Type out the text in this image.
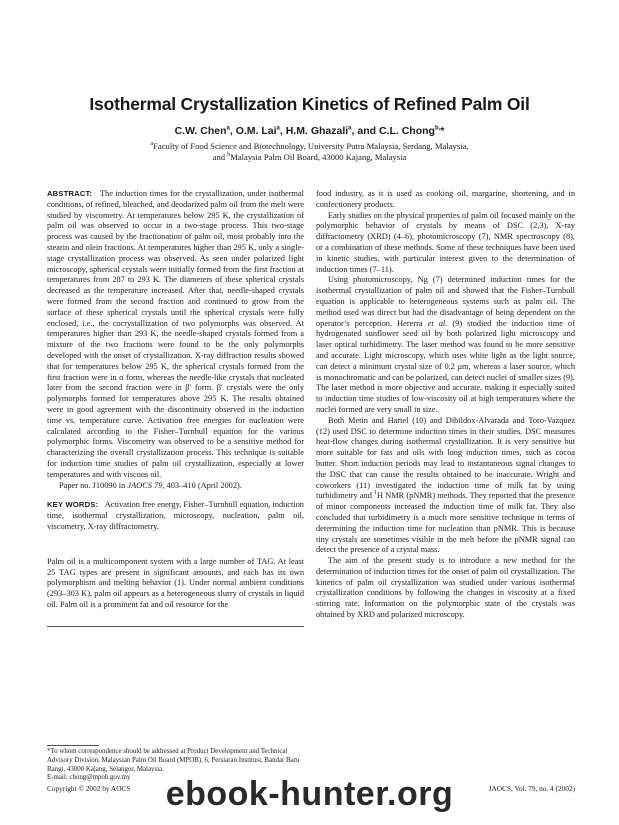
Isothermal Crystallization Kinetics of Refined Palm Oil
C.W. Chen$^a$, O.M. Lai$^a$, H.M. Ghazali$^a$, and C.L. Chong$^{b,}$*
$^a$Faculty of Food Science and Biotechnology, University Putra Malaysia, Serdang, Malaysia,
and $^b$Malaysia Palm Oil Board, 43000 Kajang, Malaysia

ABSTRACT: The induction times for the crystallization, under isothermal conditions, of refined, bleached, and deodorized palm oil from the melt were studied by viscometry. At temperatures below 295 K, the crystallization of palm oil was observed to occur in a two-stage process. This two-stage process was caused by the fractionation of palm oil, most probably into the stearin and olein fractions. At temperatures higher than 295 K, only a single-stage crystallization process was observed. As seen under polarized light microscopy, spherical crystals were initially formed from the first fraction at temperatures from 287 to 293 K. The diameters of these spherical crystals decreased as the temperature increased. After that, needle-shaped crystals were formed from the second fraction and continued to grow from the surface of these spherical crystals until the spherical crystals were fully enclosed, i.e., the cocrystallization of two polymorphs was observed. At temperatures higher than 293 K, the needle-shaped crystals formed from a mixture of the two fractions were found to be the only polymorphs developed with the onset of crystallization. X-ray diffraction results showed that for temperatures below 295 K, the spherical crystals formed from the first fraction were in α form, whereas the needle-like crystals that nucleated later from the second fraction were in β′ form. β′ crystals were the only polymorphs formed for temperatures above 295 K. The results obtained were in good agreement with the discontinuity observed in the induction time vs. temperature curve. Activation free energies for nucleation were calculated according to the Fisher–Turnbull equation for the various polymorphic forms. Viscometry was observed to be a sensitive method for characterizing the overall crystallization process. This technique is suitable for induction time studies of palm oil crystallization, especially at lower temperatures and with viscous oil.

Paper no. J10090 in JAOCS 79, 403–410 (April 2002).

KEY WORDS: Activation free energy, Fisher–Turnbull equation, induction time, isothermal crystallization, microscopy, nucleation, palm oil, viscometry, X-ray diffractometry.

Palm oil is a multicomponent system with a large number of TAG. At least 25 TAG types are present in significant amounts, and each has its own polymorphism and melting behavior (1). Under normal ambient conditions (293–303 K), palm oil appears as a heterogeneous slurry of crystals in liquid oil. Palm oil is a prominent fat and oil resource for the

food industry, as it is used as cooking oil, margarine, shortening, and in confectionery products.

Early studies on the physical properties of palm oil focused mainly on the polymorphic behavior of crystals by means of DSC (2,3), X-ray diffractometry (XRD) (4–6), photomicroscopy (7), NMR spectroscopy (8), or a combination of these methods. Some of these techniques have been used in kinetic studies, with particular interest given to the determination of induction times (7–11).

Using photomicroscopy, Ng (7) determined induction times for the isothermal crystallization of palm oil and showed that the Fisher–Turnbull equation is applicable to heterogeneous systems such as palm oil. The method used was direct but had the disadvantage of being dependent on the operator’s perception. Hererra et al. (9) studied the induction time of hydrogenated sunflower seed oil by both polarized light microscopy and laser optical turbidimetry. The laser method was found to be more sensitive and accurate. Light microscopy, which uses white light as the light source, can detect a minimum crystal size of 0.2 μm, whereas a laser source, which is monochromatic and can be polarized, can detect nuclei of smaller sizes (9). The laser method is more objective and accurate, making it especially suited to induction time studies of low-viscosity oil at high temperatures where the nuclei formed are very small in size.

Both Metin and Hartel (10) and Dibildox-Alvarada and Toro-Vazquez (12) used DSC to determine induction times in their studies. DSC measures heat-flow changes during isothermal crystallization. It is very sensitive but more suitable for fats and oils with long induction times, such as cocoa butter. Short induction periods may lead to instantaneous signal changes to the DSC that can cause the results obtained to be inaccurate. Wright and coworkers (11) investigated the induction time of milk fat by using turbidimetry and $^1$H NMR (pNMR) methods. They reported that the presence of minor components increased the induction time of milk fat. They also concluded that turbidimetry is a much more sensitive technique in terms of determining the induction time for nucleation than pNMR. This is because tiny crystals are sometimes visible in the melt before the pNMR signal can detect the presence of a crystal mass.

The aim of the present study is to introduce a new method for the determination of induction times for the onset of palm oil crystallization. The kinetics of palm oil crystallization was studied under various isothermal crystallization conditions by following the changes in viscosity at a fixed stirring rate. Information on the polymorphic state of the crystals was obtained by XRD and polarized microscopy.

*To whom correspondence should be addressed at Product Development and Technical Advisory Division, Malaysian Palm Oil Board (MPOB), 6, Persiaran Institusi, Bandar Baru Bangi, 43000 Kajang, Selangor, Malaysia.
E-mail: chong@mpob.gov.my
Copyright © 2002 by AOCS	JAOCS, Vol. 79, no. 4 (2002)
ebook-hunter.org
